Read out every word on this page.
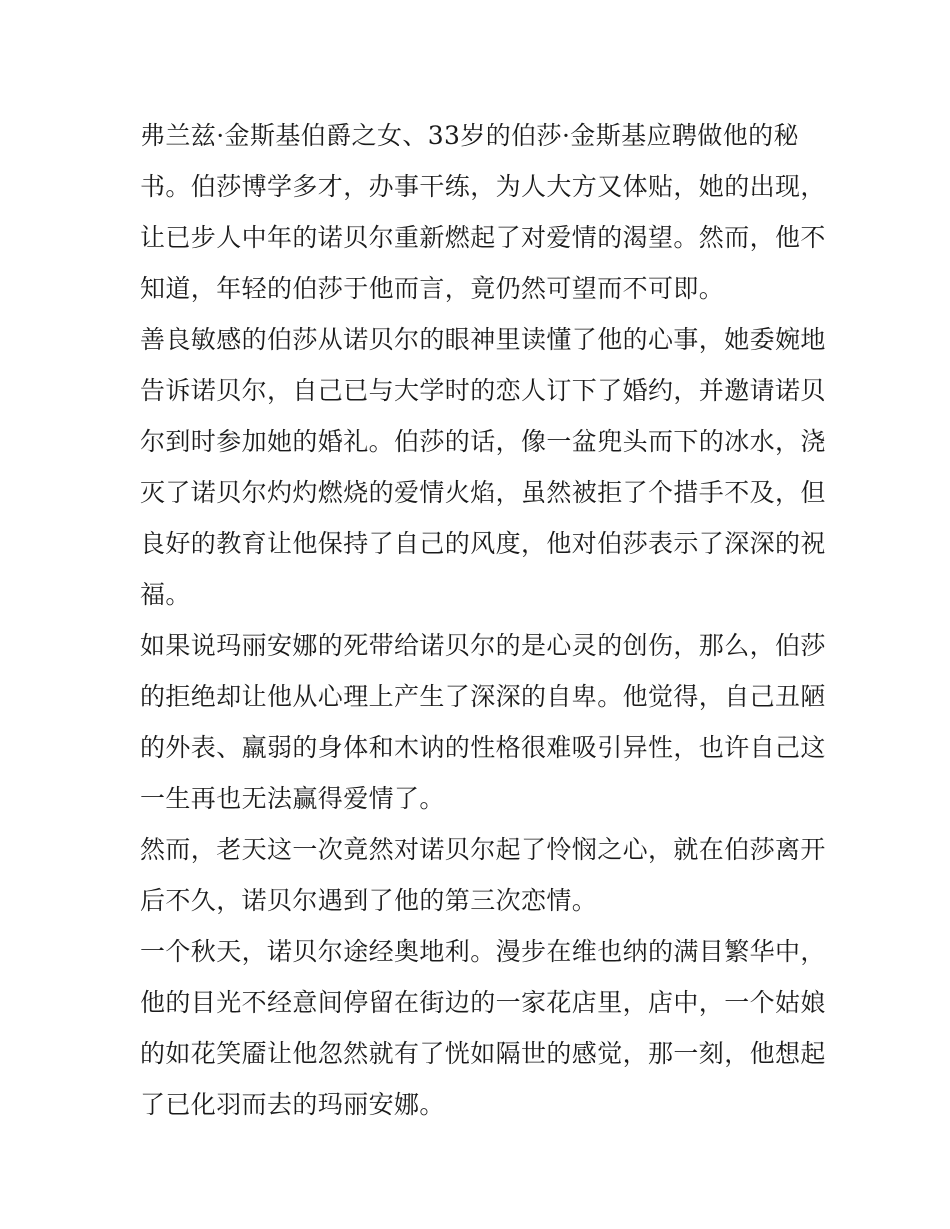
弗兰兹·金斯基伯爵之女、33岁的伯莎·金斯基应聘做他的秘
书。伯莎博学多才，办事干练，为人大方又体贴，她的出现，
让已步人中年的诺贝尔重新燃起了对爱情的渴望。然而，他不
知道，年轻的伯莎于他而言，竟仍然可望而不可即。
善良敏感的伯莎从诺贝尔的眼神里读懂了他的心事，她委婉地
告诉诺贝尔，自己已与大学时的恋人订下了婚约，并邀请诺贝
尔到时参加她的婚礼。伯莎的话，像一盆兜头而下的冰水，浇
灭了诺贝尔灼灼燃烧的爱情火焰，虽然被拒了个措手不及，但
良好的教育让他保持了自己的风度，他对伯莎表示了深深的祝
福。
如果说玛丽安娜的死带给诺贝尔的是心灵的创伤，那么，伯莎
的拒绝却让他从心理上产生了深深的自卑。他觉得，自己丑陋
的外表、羸弱的身体和木讷的性格很难吸引异性，也许自己这
一生再也无法赢得爱情了。
然而，老天这一次竟然对诺贝尔起了怜悯之心，就在伯莎离开
后不久，诺贝尔遇到了他的第三次恋情。
一个秋天，诺贝尔途经奥地利。漫步在维也纳的满目繁华中，
他的目光不经意间停留在街边的一家花店里，店中，一个姑娘
的如花笑靥让他忽然就有了恍如隔世的感觉，那一刻，他想起
了已化羽而去的玛丽安娜。
